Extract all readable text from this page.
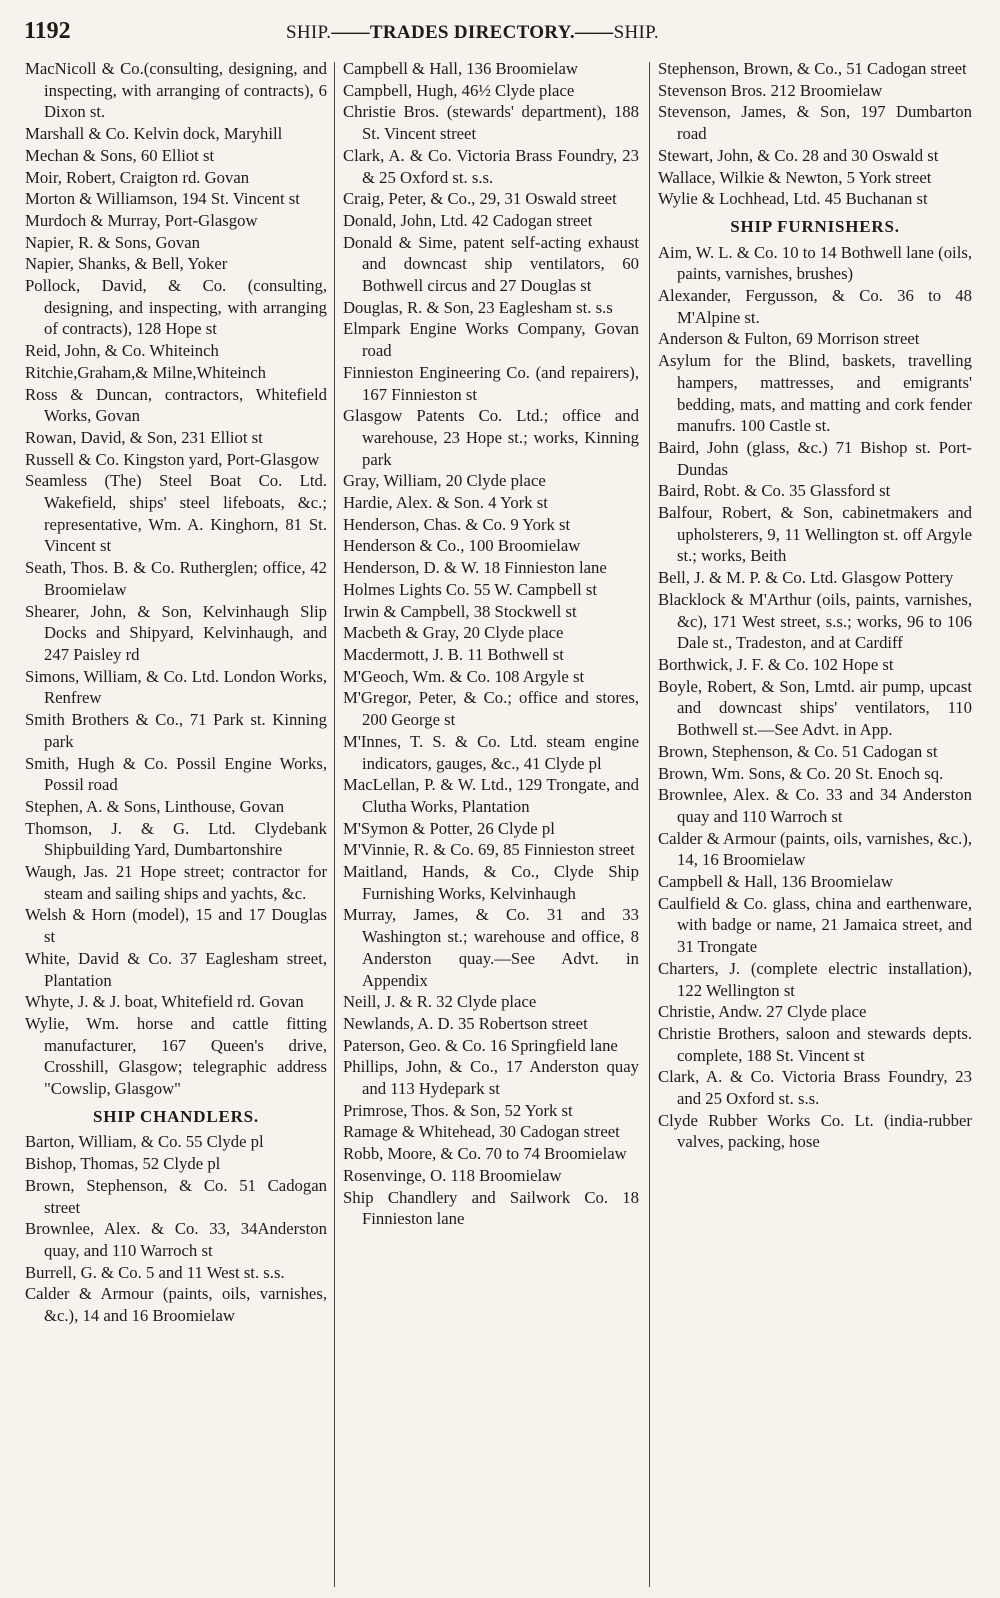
1192	SHIP.——TRADES DIRECTORY.——SHIP.
MacNicoll & Co.(consulting, designing, and inspecting, with arranging of contracts), 6 Dixon st.
Marshall & Co. Kelvin dock, Maryhill
Mechan & Sons, 60 Elliot st
Moir, Robert, Craigton rd. Govan
Morton & Williamson, 194 St. Vincent st
Murdoch & Murray, Port-Glasgow
Napier, R. & Sons, Govan
Napier, Shanks, & Bell, Yoker
Pollock, David, & Co. (consulting, designing, and inspecting, with arranging of contracts), 128 Hope st
Reid, John, & Co. Whiteinch
Ritchie,Graham,& Milne,Whiteinch
Ross & Duncan, contractors, Whitefield Works, Govan
Rowan, David, & Son, 231 Elliot st
Russell & Co. Kingston yard, Port-Glasgow
Seamless (The) Steel Boat Co. Ltd. Wakefield, ships' steel lifeboats, &c.; representative, Wm. A. Kinghorn, 81 St. Vincent st
Seath, Thos. B. & Co. Rutherglen; office, 42 Broomielaw
Shearer, John, & Son, Kelvinhaugh Slip Docks and Shipyard, Kelvinhaugh, and 247 Paisley rd
Simons, William, & Co. Ltd. London Works, Renfrew
Smith Brothers & Co., 71 Park st. Kinning park
Smith, Hugh & Co. Possil Engine Works, Possil road
Stephen, A. & Sons, Linthouse, Govan
Thomson, J. & G. Ltd. Clydebank Shipbuilding Yard, Dumbartonshire
Waugh, Jas. 21 Hope street; contractor for steam and sailing ships and yachts, &c.
Welsh & Horn (model), 15 and 17 Douglas st
White, David & Co. 37 Eaglesham street, Plantation
Whyte, J. & J. boat, Whitefield rd. Govan
Wylie, Wm. horse and cattle fitting manufacturer, 167 Queen's drive, Crosshill, Glasgow; telegraphic address "Cowslip, Glasgow"
SHIP CHANDLERS.
Barton, William, & Co. 55 Clyde pl
Bishop, Thomas, 52 Clyde pl
Brown, Stephenson, & Co. 51 Cadogan street
Brownlee, Alex. & Co. 33, 34Anderston quay, and 110 Warroch st
Burrell, G. & Co. 5 and 11 West st. s.s.
Calder & Armour (paints, oils, varnishes, &c.), 14 and 16 Broomielaw
Campbell & Hall, 136 Broomielaw
Campbell, Hugh, 46½ Clyde place
Christie Bros. (stewards' department), 188 St. Vincent street
Clark, A. & Co. Victoria Brass Foundry, 23 & 25 Oxford st. s.s.
Craig, Peter, & Co., 29, 31 Oswald street
Donald, John, Ltd. 42 Cadogan street
Donald & Sime, patent self-acting exhaust and downcast ship ventilators, 60 Bothwell circus and 27 Douglas st
Douglas, R. & Son, 23 Eaglesham st. s.s
Elmpark Engine Works Company, Govan road
Finnieston Engineering Co. (and repairers), 167 Finnieston st
Glasgow Patents Co. Ltd.; office and warehouse, 23 Hope st.; works, Kinning park
Gray, William, 20 Clyde place
Hardie, Alex. & Son. 4 York st
Henderson, Chas. & Co. 9 York st
Henderson & Co., 100 Broomielaw
Henderson, D. & W. 18 Finnieston lane
Holmes Lights Co. 55 W. Campbell st
Irwin & Campbell, 38 Stockwell st
Macbeth & Gray, 20 Clyde place
Macdermott, J. B. 11 Bothwell st
M'Geoch, Wm. & Co. 108 Argyle st
M'Gregor, Peter, & Co.; office and stores, 200 George st
M'Innes, T. S. & Co. Ltd. steam engine indicators, gauges, &c., 41 Clyde pl
MacLellan, P. & W. Ltd., 129 Trongate, and Clutha Works, Plantation
M'Symon & Potter, 26 Clyde pl
M'Vinnie, R. & Co. 69, 85 Finnieston street
Maitland, Hands, & Co., Clyde Ship Furnishing Works, Kelvinhaugh
Murray, James, & Co. 31 and 33 Washington st.; warehouse and office, 8 Anderston quay.—See Advt. in Appendix
Neill, J. & R. 32 Clyde place
Newlands, A. D. 35 Robertson street
Paterson, Geo. & Co. 16 Springfield lane
Phillips, John, & Co., 17 Anderston quay and 113 Hydepark st
Primrose, Thos. & Son, 52 York st
Ramage & Whitehead, 30 Cadogan street
Robb, Moore, & Co. 70 to 74 Broomielaw
Rosenvinge, O. 118 Broomielaw
Ship Chandlery and Sailwork Co. 18 Finnieston lane
Stephenson, Brown, & Co., 51 Cadogan street
Stevenson Bros. 212 Broomielaw
Stevenson, James, & Son, 197 Dumbarton road
Stewart, John, & Co. 28 and 30 Oswald st
Wallace, Wilkie & Newton, 5 York street
Wylie & Lochhead, Ltd. 45 Buchanan st
SHIP FURNISHERS.
Aim, W. L. & Co. 10 to 14 Bothwell lane (oils, paints, varnishes, brushes)
Alexander, Fergusson, & Co. 36 to 48 M'Alpine st.
Anderson & Fulton, 69 Morrison street
Asylum for the Blind, baskets, travelling hampers, mattresses, and emigrants' bedding, mats, and matting and cork fender manufrs. 100 Castle st.
Baird, John (glass, &c.) 71 Bishop st. Port-Dundas
Baird, Robt. & Co. 35 Glassford st
Balfour, Robert, & Son, cabinetmakers and upholsterers, 9, 11 Wellington st. off Argyle st.; works, Beith
Bell, J. & M. P. & Co. Ltd. Glasgow Pottery
Blacklock & M'Arthur (oils, paints, varnishes, &c), 171 West street, s.s.; works, 96 to 106 Dale st., Tradeston, and at Cardiff
Borthwick, J. F. & Co. 102 Hope st
Boyle, Robert, & Son, Lmtd. air pump, upcast and downcast ships' ventilators, 110 Bothwell st.—See Advt. in App.
Brown, Stephenson, & Co. 51 Cadogan st
Brown, Wm. Sons, & Co. 20 St. Enoch sq.
Brownlee, Alex. & Co. 33 and 34 Anderston quay and 110 Warroch st
Calder & Armour (paints, oils, varnishes, &c.), 14, 16 Broomielaw
Campbell & Hall, 136 Broomielaw
Caulfield & Co. glass, china and earthenware, with badge or name, 21 Jamaica street, and 31 Trongate
Charters, J. (complete electric installation), 122 Wellington st
Christie, Andw. 27 Clyde place
Christie Brothers, saloon and stewards depts. complete, 188 St. Vincent st
Clark, A. & Co. Victoria Brass Foundry, 23 and 25 Oxford st. s.s.
Clyde Rubber Works Co. Lt. (india-rubber valves, packing, hose
